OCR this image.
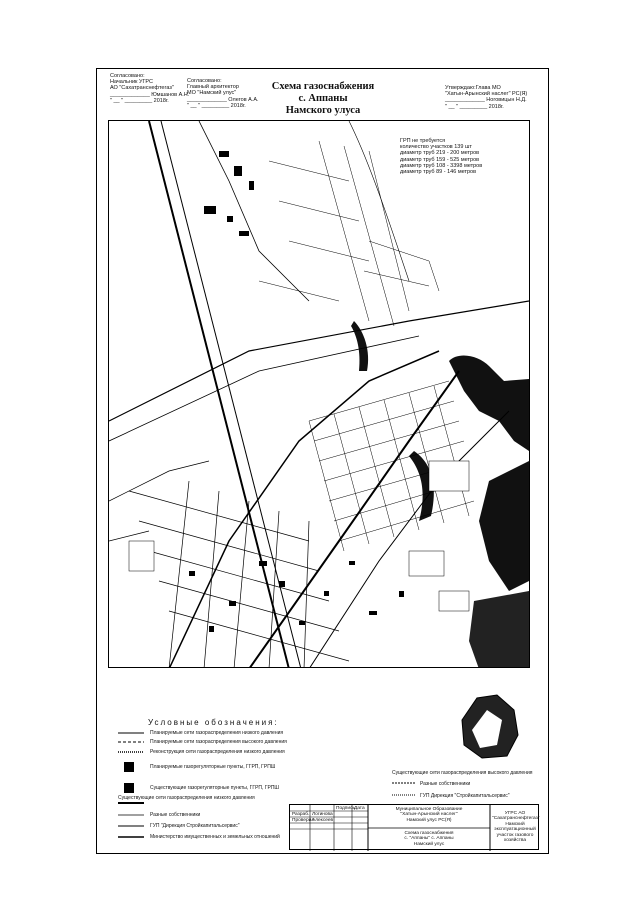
Согласовано:
Начальник УГРС
АО "Сахатранснефтегаз"
_____________ Юмшанов А.Н.
" __ " _________ 2018г.
Согласовано:
Главный архитектор
МО "Намский улус"
_____________ Олегов А.А.
" __ " _________ 2018г.
Схема газоснабжения
с. Аппаны
Намского улуса
Утверждаю:Глава МО
"Хатын-Арынский наслег" РС(Я)
_____________ Ноговицын Н.Д.
" __ " _________ 2018г.
ГРП не требуется
количество участков 139 шт
диаметр труб 219 - 200 метров
диаметр труб 159 - 525 метров
диаметр труб 108 - 3398 метров
диаметр труб 89 - 146 метров
Условные обозначения:
Планируемые сети газораспределения низкого давления
Планируемые сети газораспределения высокого давления
Реконструкция сети газораспределения низкого давления
Планируемые газорегуляторные пункты, ГГРП, ГРПШ
Существующие газорегуляторные пункты, ГГРП, ГРПШ
Существующие сети газораспределения низкого давления
Разные собственники
ГУП "Дирекция Стройкапитальсервис"
Министерство имущественных и земельных отношений
Существующие сети газораспределения высокого давления
Разные собственники
ГУП Дирекция "Стройкапитальсервис"
Подпись Дата
Разраб. Логинова
Проверил
Алексеев
Муниципальное Образование
"Хатын-Арынский наслег"
Намский улус РС(Я)
Схема газоснабжения
с. "Аппаны" с. Аппаны
Намский улус
УГРС АО
"Сахатранснефтегаз"
Намский
эксплуатационный
участок газового
хозяйства
